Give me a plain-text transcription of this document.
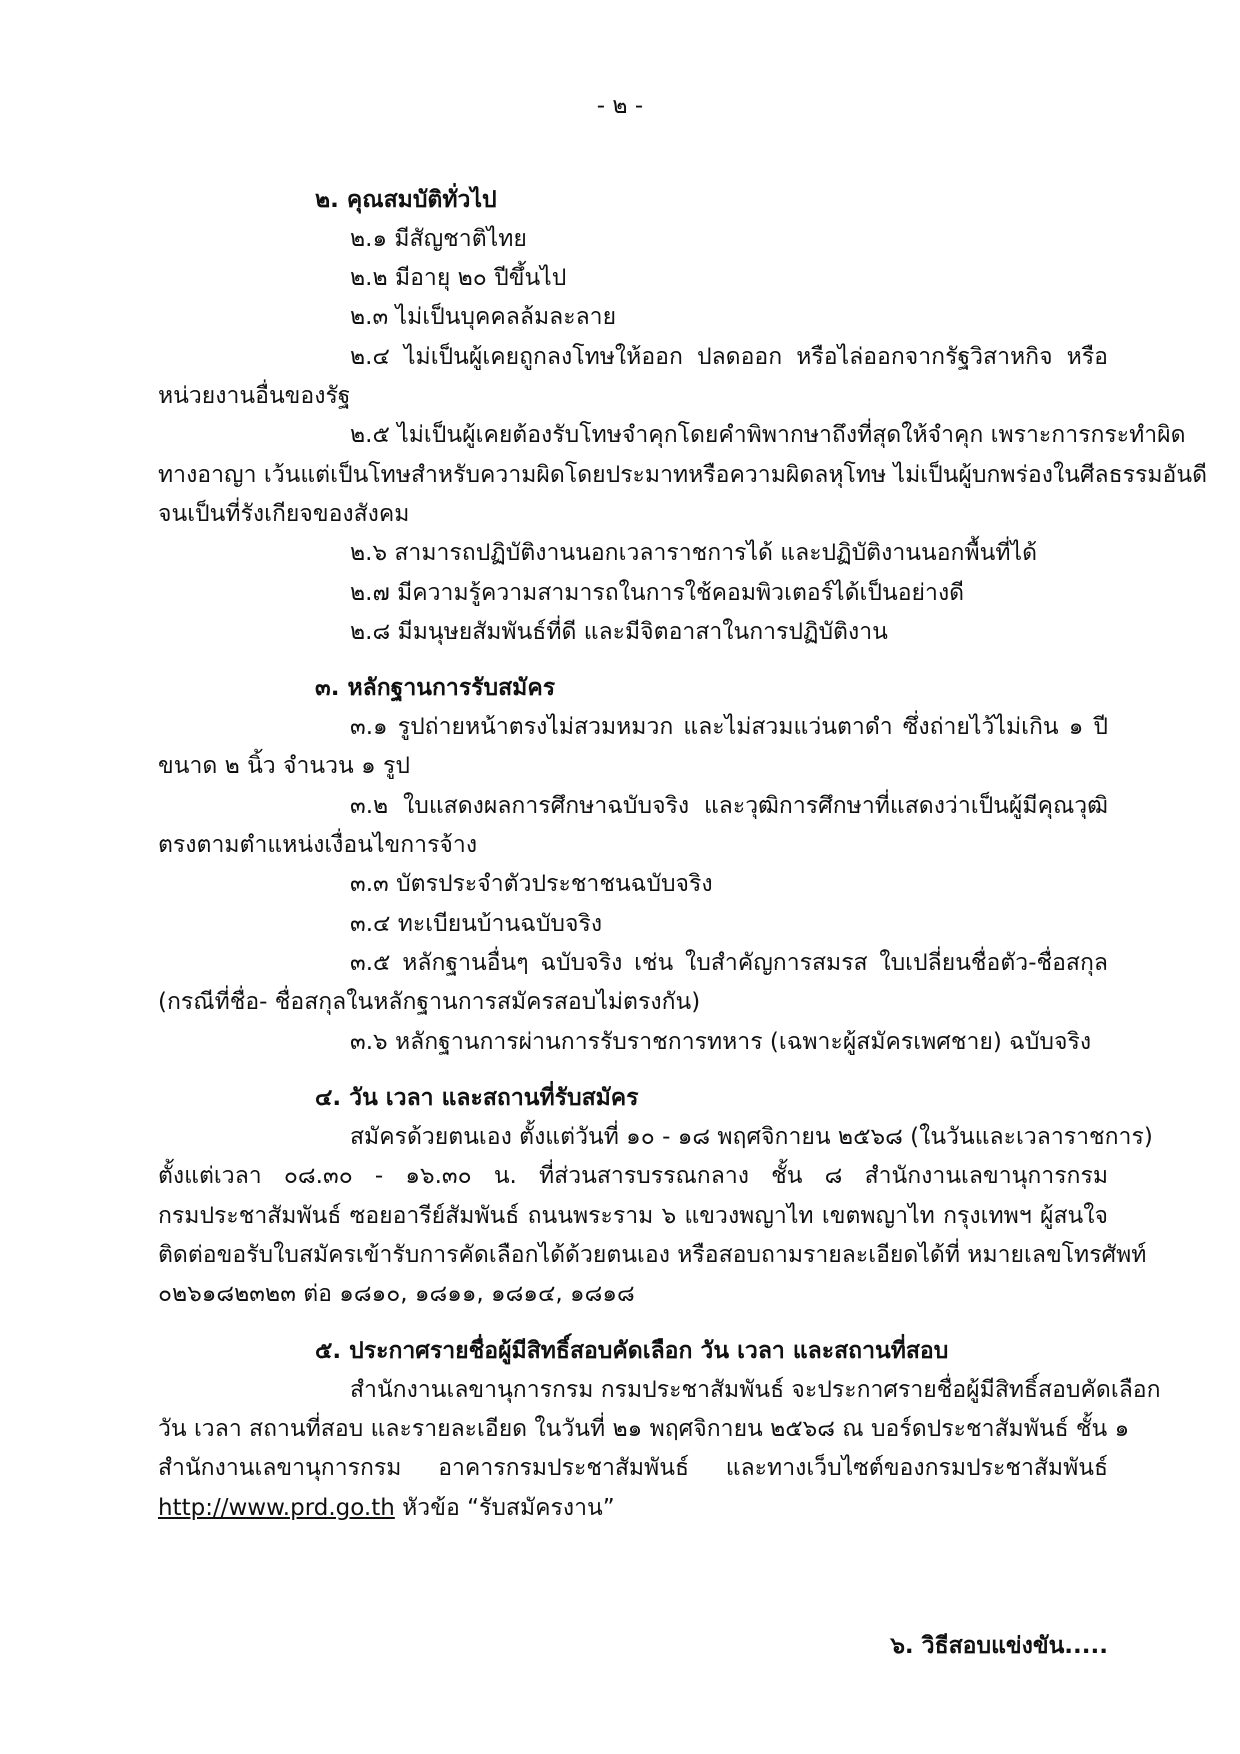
- ๒ -
๒. คุณสมบัติทั่วไป
๒.๑ มีสัญชาติไทย
๒.๒ มีอายุ ๒๐ ปีขึ้นไป
๒.๓ ไม่เป็นบุคคลล้มละลาย
๒.๔ ไม่เป็นผู้เคยถูกลงโทษให้ออก ปลดออก หรือไล่ออกจากรัฐวิสาหกิจ หรือ
หน่วยงานอื่นของรัฐ
๒.๕ ไม่เป็นผู้เคยต้องรับโทษจำคุกโดยคำพิพากษาถึงที่สุดให้จำคุก เพราะการกระทำผิด
ทางอาญา เว้นแต่เป็นโทษสำหรับความผิดโดยประมาทหรือความผิดลหุโทษ ไม่เป็นผู้บกพร่องในศีลธรรมอันดี
จนเป็นที่รังเกียจของสังคม
๒.๖ สามารถปฏิบัติงานนอกเวลาราชการได้ และปฏิบัติงานนอกพื้นที่ได้
๒.๗ มีความรู้ความสามารถในการใช้คอมพิวเตอร์ได้เป็นอย่างดี
๒.๘ มีมนุษยสัมพันธ์ที่ดี และมีจิตอาสาในการปฏิบัติงาน
๓. หลักฐานการรับสมัคร
๓.๑ รูปถ่ายหน้าตรงไม่สวมหมวก และไม่สวมแว่นตาดำ ซึ่งถ่ายไว้ไม่เกิน ๑ ปี
ขนาด ๒ นิ้ว จำนวน ๑ รูป
๓.๒ ใบแสดงผลการศึกษาฉบับจริง และวุฒิการศึกษาที่แสดงว่าเป็นผู้มีคุณวุฒิ
ตรงตามตำแหน่งเงื่อนไขการจ้าง
๓.๓ บัตรประจำตัวประชาชนฉบับจริง
๓.๔ ทะเบียนบ้านฉบับจริง
๓.๕ หลักฐานอื่นๆ ฉบับจริง เช่น ใบสำคัญการสมรส ใบเปลี่ยนชื่อตัว-ชื่อสกุล
(กรณีที่ชื่อ- ชื่อสกุลในหลักฐานการสมัครสอบไม่ตรงกัน)
๓.๖ หลักฐานการผ่านการรับราชการทหาร (เฉพาะผู้สมัครเพศชาย) ฉบับจริง
๔. วัน เวลา และสถานที่รับสมัคร
สมัครด้วยตนเอง ตั้งแต่วันที่ ๑๐ - ๑๘ พฤศจิกายน ๒๕๖๘ (ในวันและเวลาราชการ)
ตั้งแต่เวลา ๐๘.๓๐ - ๑๖.๓๐ น. ที่ส่วนสารบรรณกลาง ชั้น ๘ สำนักงานเลขานุการกรม
กรมประชาสัมพันธ์ ซอยอารีย์สัมพันธ์ ถนนพระราม ๖ แขวงพญาไท เขตพญาไท กรุงเทพฯ ผู้สนใจ
ติดต่อขอรับใบสมัครเข้ารับการคัดเลือกได้ด้วยตนเอง หรือสอบถามรายละเอียดได้ที่ หมายเลขโทรศัพท์
๐๒๖๑๘๒๓๒๓ ต่อ ๑๘๑๐, ๑๘๑๑, ๑๘๑๔, ๑๘๑๘
๕. ประกาศรายชื่อผู้มีสิทธิ์สอบคัดเลือก วัน เวลา และสถานที่สอบ
สำนักงานเลขานุการกรม กรมประชาสัมพันธ์ จะประกาศรายชื่อผู้มีสิทธิ์สอบคัดเลือก
วัน เวลา สถานที่สอบ และรายละเอียด ในวันที่ ๒๑ พฤศจิกายน ๒๕๖๘ ณ บอร์ดประชาสัมพันธ์ ชั้น ๑
สำนักงานเลขานุการกรม อาคารกรมประชาสัมพันธ์ และทางเว็บไซต์ของกรมประชาสัมพันธ์
http://www.prd.go.th หัวข้อ “รับสมัครงาน”
๖. วิธีสอบแข่งขัน.....
